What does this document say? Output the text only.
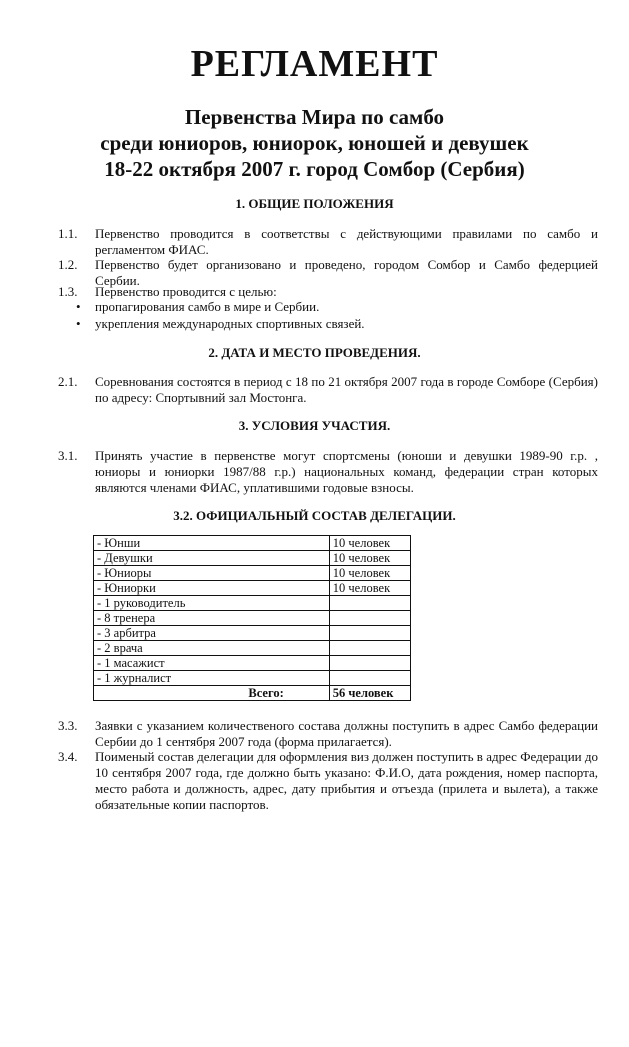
РЕГЛАМЕНТ
Первенства Мира по самбо
среди юниоров, юниорок, юношей и девушек
18-22 октября 2007 г. город Сомбор (Сербия)
1. ОБЩИЕ ПОЛОЖЕНИЯ
1.1. Первенство проводится в соответствы с действующими правилами по самбо и регламентом ФИАС.
1.2. Первенство будет организовано и проведено, городом Сомбор и Самбо федерцией Сербии.
1.3. Первенство проводится с целью:
• пропагирования самбо в мире и Сербии.
• укрепления международных спортивных связей.
2. ДАТА И МЕСТО ПРОВЕДЕНИЯ.
2.1. Соревнования состоятся в период с 18 по 21 октября 2007 года в городе Сомборе (Сербия) по адресу: Спортывний зал Мостонга.
3. УСЛОВИЯ УЧАСТИЯ.
3.1. Принять участие в первенстве могут спортсмены (юноши и девушки 1989-90 г.р. , юниоры и юниорки 1987/88 г.р.) национальных команд, федерации стран которых являются членами ФИАС, уплатившими годовые взносы.
3.2. ОФИЦИАЛЬНЫЙ СОСТАВ ДЕЛЕГАЦИИ.
- Юнши	10 человек
- Девушки	10 человек
- Юниоры	10 человек
- Юниорки	10 человек
- 1 руководитель	
- 8 тренера	
- 3 арбитра	
- 2 врача	
- 1 масажист	
- 1 журналист	
Всего:	56 человек
3.3. Заявки с указанием количественого состава должны поступить в адрес Самбо федерации Сербии до 1 сентября 2007 года (форма прилагается).
3.4. Поименый состав делегации для оформления виз должен поступить в адрес Федерации до 10 сентября 2007 года, где должно быть указано: Ф.И.О, дата рождения, номер паспорта, место работа и должность, адрес, дату прибытия и отъезда (прилета и вылета), а также обязательные копии паспортов.
